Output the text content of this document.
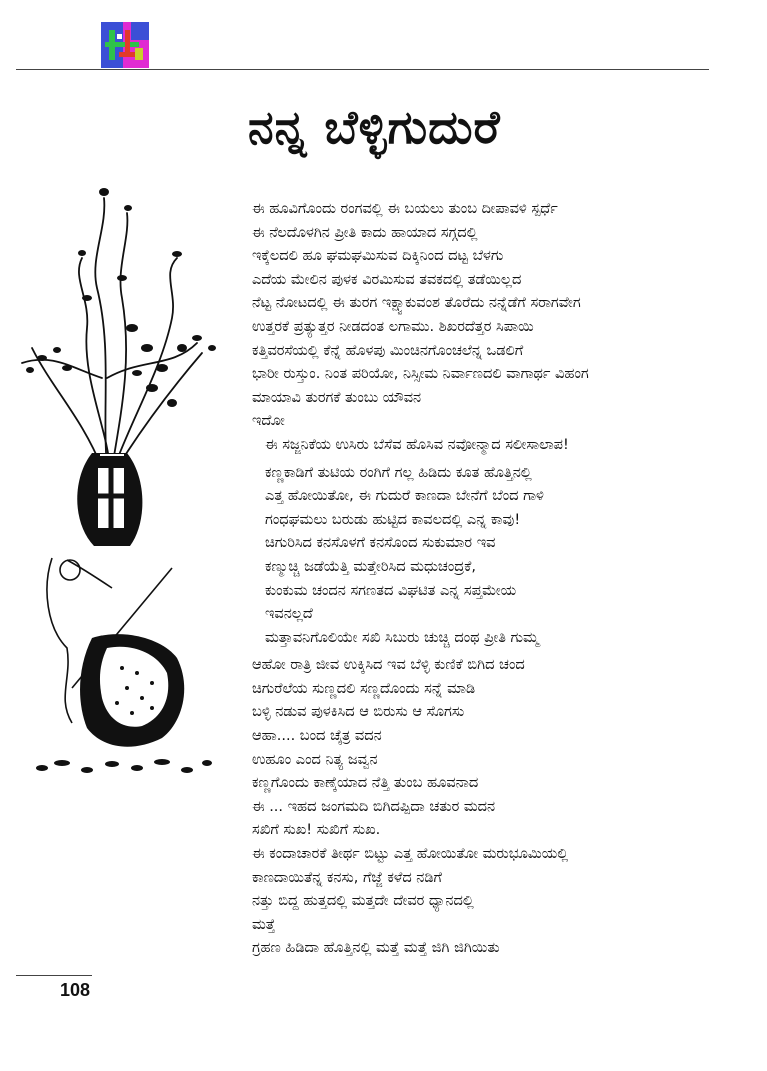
ನನ್ನ ಬೆಳ್ಳಿಗುದುರೆ
ಈ ಹೂವಿಗೊಂದು ರಂಗವಲ್ಲಿ ಈ ಬಯಲು ತುಂಬ ದೀಪಾವಳಿ ಸ್ಪರ್ಧೆ
ಈ ನೆಲದೊಳಗಿನ ಪ್ರೀತಿ ಕಾದು ಹಾಯಾದ ಸಗ್ಗದಲ್ಲಿ
ಇಕ್ಕೆಲದಲಿ ಹೂ ಘಮಘಮಿಸುವ ದಿಕ್ಕಿನಿಂದ ದಟ್ಟ ಬೆಳಗು
ಎದೆಯ ಮೇಲಿನ ಪುಳಕ ವಿರಮಿಸುವ ತವಕದಲ್ಲಿ ತಡೆಯಿಲ್ಲದ
ನೆಟ್ಟ ನೋಟದಲ್ಲಿ ಈ ತುರಗ ಇಕ್ಷ್ವಾಕುವಂಶ ತೊರೆದು ನನ್ನೆಡೆಗೆ ಸರಾಗವೇಗ
ಉತ್ತರಕೆ ಪ್ರತ್ಯುತ್ತರ ನೀಡದಂತ ಲಗಾಮು. ಶಿಖರದೆತ್ತರ ಸಿಪಾಯಿ
ಕತ್ತಿವರಸೆಯಲ್ಲಿ ಕೆನ್ನೆ ಹೊಳಪು ಮಿಂಚಿನಗೊಂಚಲೆನ್ನ ಒಡಲಿಗೆ
ಭಾರೀ ರುಸ್ತುಂ. ನಿಂತ ಪರಿಯೋ, ನಿಸ್ಸೀಮ ನಿರ್ವಾಣದಲಿ ವಾಗಾರ್ಥ ವಿಹಂಗ
ಮಾಯಾವಿ ತುರಗಕೆ ತುಂಬು ಯೌವನ
ಇದೋ
ಈ ಸಜ್ಜನಿಕೆಯ ಉಸಿರು ಬೆಸೆವ ಹೊಸಿವ ನವೋನ್ಮಾದ ಸಲೀಸಾಲಾಪ!
ಕಣ್ಣಕಾಡಿಗೆ ತುಟಿಯ ರಂಗಿಗೆ ಗಲ್ಲ ಹಿಡಿದು ಕೂತ ಹೊತ್ತಿನಲ್ಲಿ
ಎತ್ತ ಹೋಯಿತೋ, ಈ ಗುದುರೆ ಕಾಣದಾ ಬೇನೆಗೆ ಬೆಂದ ಗಾಳಿ
ಗಂಧಘಮಲು ಬರುಡು ಹುಟ್ಟಿದ ಕಾವಲದಲ್ಲಿ ಎನ್ನ ಕಾವು!
ಚಿಗುರಿಸಿದ ಕನಸೊಳಗೆ ಕನಸೊಂದ ಸುಕುಮಾರ ಇವ
ಕಣ್ಮುಚ್ಚಿ ಜಡೆಯೆತ್ತಿ ಮತ್ತೇರಿಸಿದ ಮಧುಚಂದ್ರಕೆ,
ಕುಂಕುಮ ಚಂದನ ಸಗಣತದ ವಿಘಟಿತ ಎನ್ನ ಸಪ್ತಮೇಯ
ಇವನಲ್ಲದೆ
ಮತ್ತಾವನಿಗೊಲಿಯೇ ಸಖಿ ಸಿಬುರು ಚುಚ್ಚಿ ದಂಥ ಪ್ರೀತಿ ಗುಮ್ಮ
ಆಹೋ ರಾತ್ರಿ ಜೀವ ಉಕ್ಕಿಸಿದ ಇವ ಬೆಳ್ಳಿ ಕುಣಿಕೆ ಬಿಗಿದ ಚಂದ
ಚಿಗುರೆಲೆಯ ಸುಣ್ಣದಲಿ ಸಣ್ಣದೊಂದು ಸನ್ನೆ ಮಾಡಿ
ಬಳ್ಳಿ ನಡುವ ಪುಳಕಿಸಿದ ಆ ಬಿರುಸು ಆ ಸೊಗಸು
ಆಹಾ.... ಬಂದ ಚೈತ್ರ ವದನ
ಉಹೂಂ ಎಂದ ನಿತ್ಯ ಜವ್ವನ
ಕಣ್ಣಗೊಂದು ಕಾಣ್ಕೆಯಾದ ನೆತ್ತಿ ತುಂಬ ಹೂವನಾದ
ಈ ... ಇಹದ ಜಂಗಮದಿ ಬಿಗಿದಪ್ಪಿದಾ ಚತುರ ಮದನ
ಸಖಿಗೆ ಸುಖ! ಸುಖಿಗೆ ಸುಖ.
ಈ ಕಂದಾಚಾರಕೆ ತೀರ್ಥ ಬಿಟ್ಟು ಎತ್ತ ಹೋಯಿತೋ ಮರುಭೂಮಿಯಲ್ಲಿ
ಕಾಣದಾಯಿತೆನ್ನ ಕನಸು, ಗೆಜ್ಜೆ ಕಳೆದ ನಡಿಗೆ
ನತ್ತು ಬಿದ್ದ ಹುತ್ತದಲ್ಲಿ ಮತ್ತದೇ ದೇವರ ಧ್ಯಾನದಲ್ಲಿ
ಮತ್ತೆ
ಗ್ರಹಣ ಹಿಡಿದಾ ಹೊತ್ತಿನಲ್ಲಿ ಮತ್ತೆ ಮತ್ತೆ ಜಿಗಿ ಜಿಗಿಯಿತು
108
